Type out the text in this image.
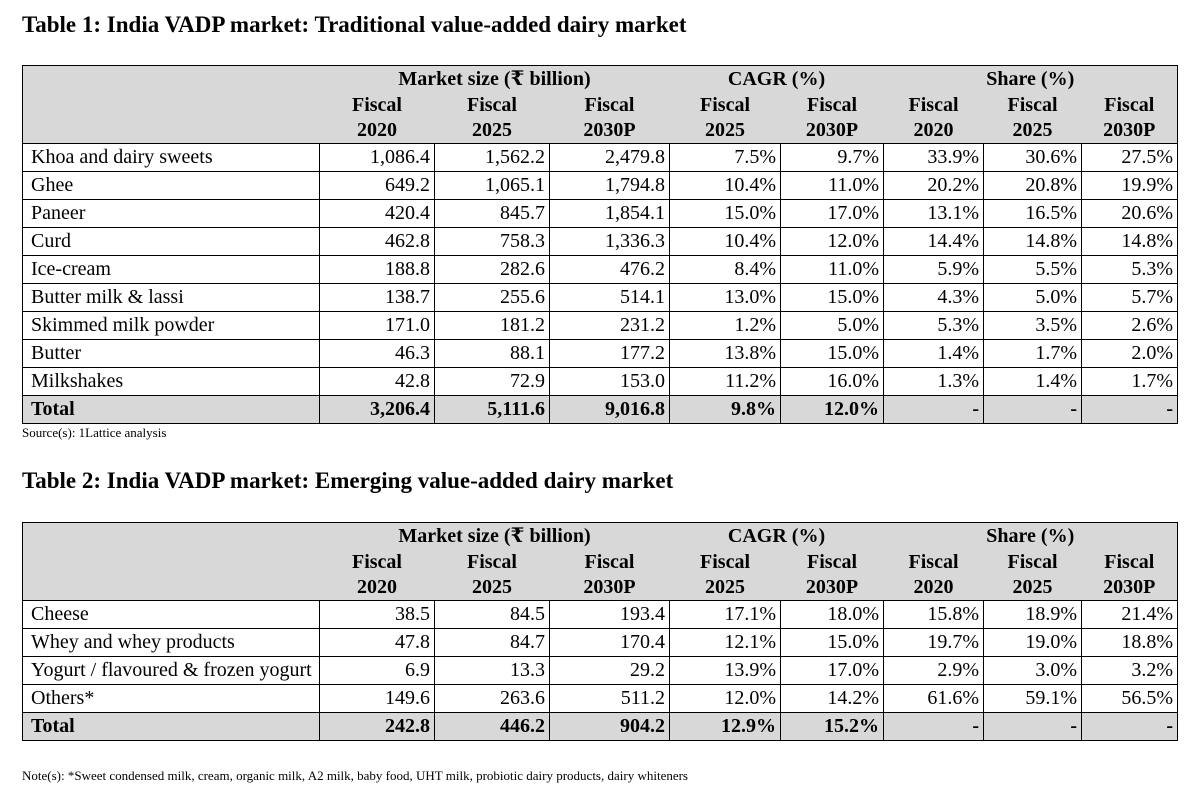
Table 1: India VADP market: Traditional value-added dairy market
	Market size (₹ billion)			CAGR (%)		Share (%)		
	Fiscal	Fiscal	Fiscal	Fiscal	Fiscal	Fiscal	Fiscal	Fiscal
	2020	2025	2030P	2025	2030P	2020	2025	2030P
Khoa and dairy sweets	1,086.4	1,562.2	2,479.8	7.5%	9.7%	33.9%	30.6%	27.5%
Ghee	649.2	1,065.1	1,794.8	10.4%	11.0%	20.2%	20.8%	19.9%
Paneer	420.4	845.7	1,854.1	15.0%	17.0%	13.1%	16.5%	20.6%
Curd	462.8	758.3	1,336.3	10.4%	12.0%	14.4%	14.8%	14.8%
Ice-cream	188.8	282.6	476.2	8.4%	11.0%	5.9%	5.5%	5.3%
Butter milk & lassi	138.7	255.6	514.1	13.0%	15.0%	4.3%	5.0%	5.7%
Skimmed milk powder	171.0	181.2	231.2	1.2%	5.0%	5.3%	3.5%	2.6%
Butter	46.3	88.1	177.2	13.8%	15.0%	1.4%	1.7%	2.0%
Milkshakes	42.8	72.9	153.0	11.2%	16.0%	1.3%	1.4%	1.7%
Total	3,206.4	5,111.6	9,016.8	9.8%	12.0%	-	-	-
Source(s): 1Lattice analysis
Table 2: India VADP market: Emerging value-added dairy market
	Market size (₹ billion)			CAGR (%)		Share (%)		
	Fiscal	Fiscal	Fiscal	Fiscal	Fiscal	Fiscal	Fiscal	Fiscal
	2020	2025	2030P	2025	2030P	2020	2025	2030P
Cheese	38.5	84.5	193.4	17.1%	18.0%	15.8%	18.9%	21.4%
Whey and whey products	47.8	84.7	170.4	12.1%	15.0%	19.7%	19.0%	18.8%
Yogurt / flavoured & frozen yogurt	6.9	13.3	29.2	13.9%	17.0%	2.9%	3.0%	3.2%
Others*	149.6	263.6	511.2	12.0%	14.2%	61.6%	59.1%	56.5%
Total	242.8	446.2	904.2	12.9%	15.2%	-	-	-
Note(s): *Sweet condensed milk, cream, organic milk, A2 milk, baby food, UHT milk, probiotic dairy products, dairy whiteners
